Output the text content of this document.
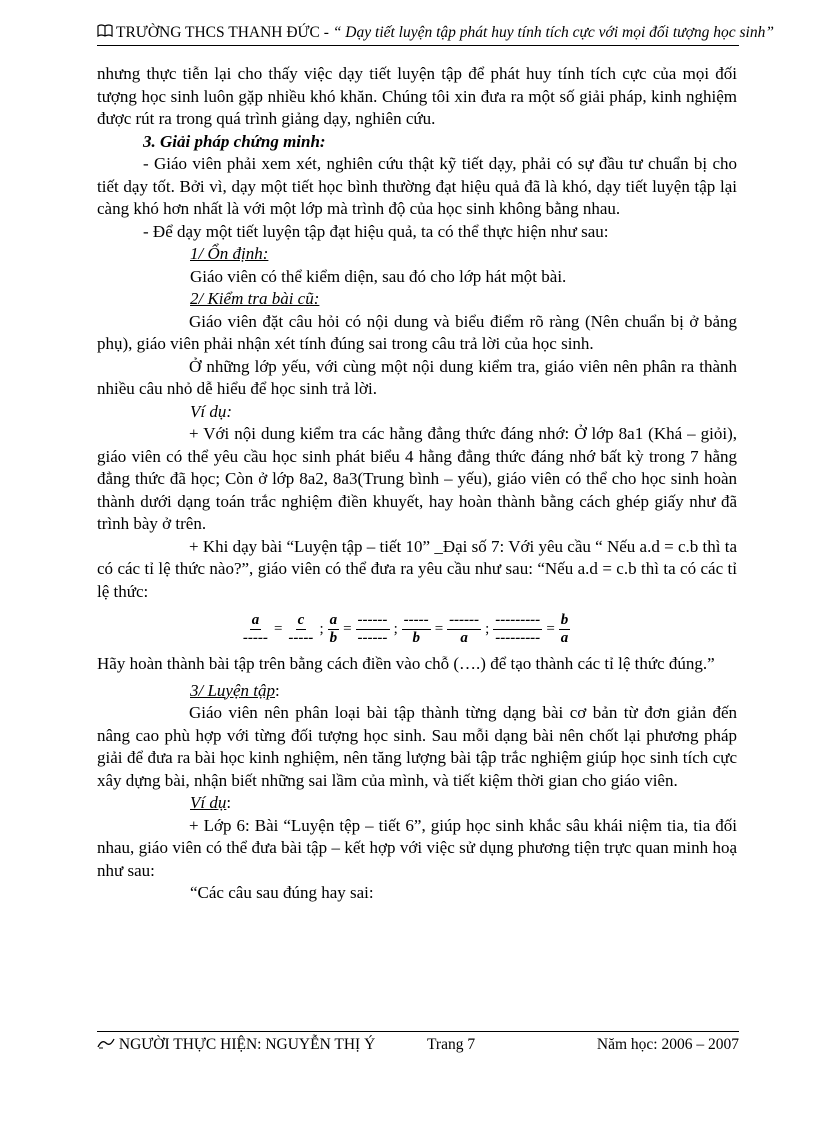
TRƯỜNG THCS THANH ĐỨC - “ Dạy tiết luyện tập phát huy tính tích cực với mọi đối tượng học sinh”

nhưng thực tiễn lại cho thấy việc dạy tiết luyện tập để phát huy tính tích cực của mọi đối tượng học sinh luôn gặp nhiều khó khăn. Chúng tôi xin đưa ra một số giải pháp, kinh nghiệm được rút ra trong quá trình giảng dạy, nghiên cứu.

3. Giải pháp chứng minh:

- Giáo viên phải xem xét, nghiên cứu thật kỹ tiết dạy, phải có sự đầu tư chuẩn bị cho tiết dạy tốt. Bởi vì, dạy một tiết học bình thường đạt hiệu quả đã là khó, dạy tiết luyện tập lại càng khó hơn nhất là với một lớp mà trình độ của học sinh không bằng nhau.

- Để dạy một tiết luyện tập đạt hiệu quả, ta có thể thực hiện như sau:

1/ Ổn định:

Giáo viên có thể kiểm diện, sau đó cho lớp hát một bài.

2/ Kiểm tra bài cũ:

Giáo viên đặt câu hỏi có nội dung và biểu điểm rõ ràng (Nên chuẩn bị ở bảng phụ), giáo viên phải nhận xét tính đúng sai trong câu trả lời của học sinh.

Ở những lớp yếu, với cùng một nội dung kiểm tra, giáo viên nên phân ra thành nhiều câu nhỏ dễ hiểu để học sinh trả lời.

Ví dụ:

+ Với nội dung kiểm tra các hằng đẳng thức đáng nhớ: Ở lớp 8a1 (Khá – giỏi), giáo viên có thể yêu cầu học sinh phát biểu 4 hằng đẳng thức đáng nhớ bất kỳ trong 7 hằng đẳng thức đã học; Còn ở lớp 8a2, 8a3(Trung bình – yếu), giáo viên có thể cho học sinh hoàn thành dưới dạng toán trắc nghiệm điền khuyết, hay hoàn thành bằng cách ghép giấy như đã trình bày ở trên.

+ Khi dạy bài “Luyện tập – tiết 10” _Đại số 7: Với yêu cầu “ Nếu a.d = c.b thì ta có các tỉ lệ thức nào?”, giáo viên có thể đưa ra yêu cầu như sau: “Nếu a.d = c.b thì ta có các tỉ lệ thức:

$\frac{a}{-----} = \frac{c}{-----}$ ; $\frac{a}{b} = \frac{------}{------}$ ; $\frac{-----}{b} = \frac{------}{a}$ ; $\frac{---------}{---------} = \frac{b}{a}$

Hãy hoàn thành bài tập trên bằng cách điền vào chỗ (….) để tạo thành các tỉ lệ thức đúng.”

3/ Luyện tập:

Giáo viên nên phân loại bài tập thành từng dạng bài cơ bản từ đơn giản đến nâng cao phù hợp với từng đối tượng học sinh. Sau mỗi dạng bài nên chốt lại phương pháp giải để đưa ra bài học kinh nghiệm, nên tăng lượng bài tập trắc nghiệm giúp học sinh tích cực xây dựng bài, nhận biết những sai lầm của mình, và tiết kiệm thời gian cho giáo viên.

Ví dụ:

+ Lớp 6: Bài “Luyện tệp – tiết 6”, giúp học sinh khắc sâu khái niệm tia, tia đối nhau, giáo viên có thể đưa bài tập – kết hợp với việc sử dụng phương tiện trực quan minh hoạ như sau:

“Các câu sau đúng hay sai:

NGƯỜI THỰC HIỆN: NGUYỄN THỊ Ý	Trang 7	Năm học: 2006 – 2007
